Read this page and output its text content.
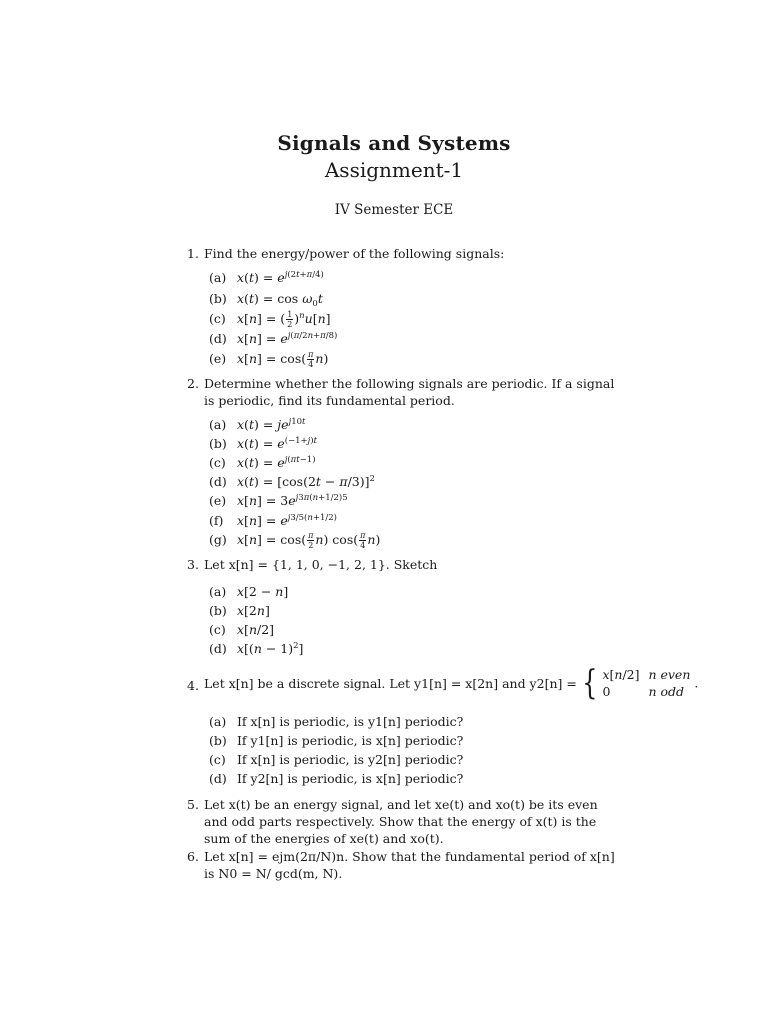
Signals and Systems
Assignment-1
IV Semester ECE
1. Find the energy/power of the following signals:
(a) $x(t) = e^{j(2t+\pi/4)}$
(b) $x(t) = \cos \omega_0t$
(c) x[n] = ( $\frac{1}{2} )^nu[n]$
(d) $x[n] = e^{j(\pi/2n+\pi/8)}$
(e) $x[n] = \cos( \frac{\pi}{4} n)$
2. Determine whether the following signals are periodic. If a signal is periodic, find its fundamental period.
(a) $x(t) = je^{j10t}$
(b) $x(t) = e^{(-1+j)t}$
(c) $x(t) = e^{j(\pi t-1)}$
(d) $x(t) = [\cos(2t - \pi/3)]^2$
(e) $x[n] = 3e^{j3\pi(n+1/2)5}$
(f) $x[n] = e^{j3/5(n+1/2)}$
(g) $x[n] = \cos( \frac{\pi}{2} n)$ $\cos( \frac{\pi}{4} n)$
3. Let x[n] = {1, 1, 0, −1, 2, 1}. Sketch
(a) x[2 − n]
(b) x[2n]
(c) x[n/2]
(d) $x[(n - 1)^2]$
4. Let x[n] be a discrete signal. Let y1[n] = x[2n] and y2[n] = { x[n/2] n even
0	n odd
.
(a) If x[n] is periodic, is y1[n] periodic?
(b) If y1[n] is periodic, is x[n] periodic?
(c) If x[n] is periodic, is y2[n] periodic?
(d) If y2[n] is periodic, is x[n] periodic?
5. Let x(t) be an energy signal, and let xe(t) and xo(t) be its even and odd parts respectively. Show that the energy of x(t) is the sum of the energies of xe(t) and xo(t).
6. Let x[n] = ejm(2π/N)n. Show that the fundamental period of x[n] is N0 = N/ gcd(m, N).
